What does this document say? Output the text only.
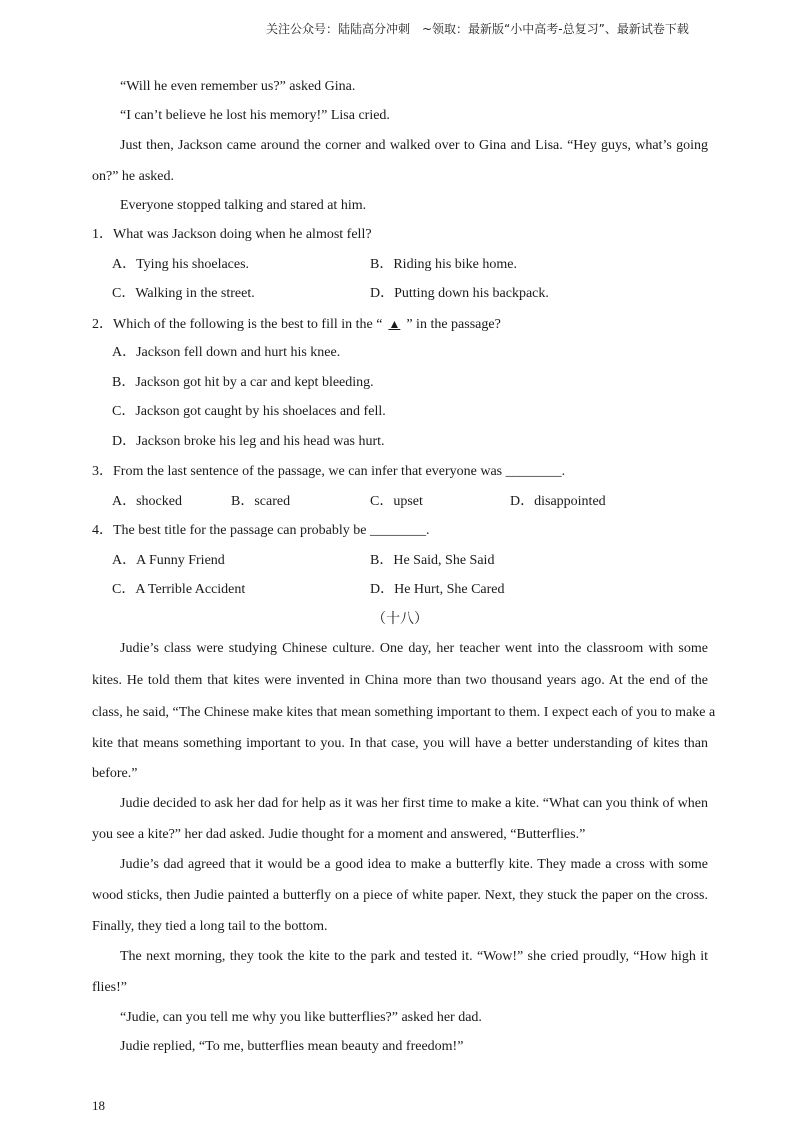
关注公众号：陆陆高分冲刺　~领取：最新版“小中高考-总复习”、最新试卷下载
“Will he even remember us?” asked Gina.
“I can’t believe he lost his memory!” Lisa cried.
Just then, Jackson came around the corner and walked over to Gina and Lisa. “Hey guys, what’s going
on?” he asked.
Everyone stopped talking and stared at him.
1．What was Jackson doing when he almost fell?
A．Tying his shoelaces.	B．Riding his bike home.
C．Walking in the street.	D．Putting down his backpack.
2．Which of the following is the best to fill in the “ ▲ ” in the passage?
A．Jackson fell down and hurt his knee.
B．Jackson got hit by a car and kept bleeding.
C．Jackson got caught by his shoelaces and fell.
D．Jackson broke his leg and his head was hurt.
3．From the last sentence of the passage, we can infer that everyone was ________.
A．shocked	B．scared	C．upset	D．disappointed
4．The best title for the passage can probably be ________.
A．A Funny Friend	B．He Said, She Said
C．A Terrible Accident	D．He Hurt, She Cared
（十八）
Judie’s class were studying Chinese culture. One day, her teacher went into the classroom with some
kites. He told them that kites were invented in China more than two thousand years ago. At the end of the
class, he said, “The Chinese make kites that mean something important to them. I expect each of you to make a
kite that means something important to you. In that case, you will have a better understanding of kites than
before.”
Judie decided to ask her dad for help as it was her first time to make a kite. “What can you think of when
you see a kite?” her dad asked. Judie thought for a moment and answered, “Butterflies.”
Judie’s dad agreed that it would be a good idea to make a butterfly kite. They made a cross with some
wood sticks, then Judie painted a butterfly on a piece of white paper. Next, they stuck the paper on the cross.
Finally, they tied a long tail to the bottom.
The next morning, they took the kite to the park and tested it. “Wow!” she cried proudly, “How high it
flies!”
“Judie, can you tell me why you like butterflies?” asked her dad.
Judie replied, “To me, butterflies mean beauty and freedom!”
18
